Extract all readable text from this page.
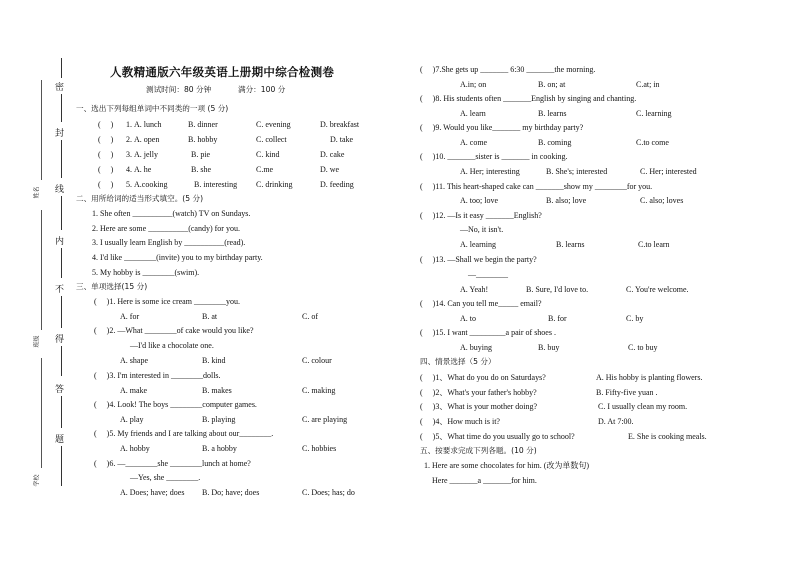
密
封
线
内
不
得
答
题
姓名
班级
学校
人教精通版六年级英语上册期中综合检测卷
测试时间：80 分钟	满分：100 分
一、选出下列每组单词中不同类的一项 (5 分)
(　 ) 1. A. lunch	B. dinner	C. evening	D. breakfast
(　 ) 2. A. open	B. hobby	C. collect	D. take
(　 ) 3. A. jelly	B. pie	C. kind	D. cake
(　 ) 4. A. he	B. she	C.me	D. we
(　 ) 5. A.cooking	B. interesting C. drinking	D. feeding
二、用所给词的适当形式填空。(5 分)
1. She often __________(watch) TV on Sundays.
2. Here are some __________(candy) for you.
3. I usually learn English by __________(read).
4. I'd like ________(invite) you to my birthday party.
5. My hobby is ________(swim).
三、单项选择(15 分)
(　 )1. Here is some ice cream ________you.
A. for	B. at	C. of
(　 )2. —What ________of cake would you like?
—I'd like a chocolate one.
A. shape	B. kind	C. colour
(　 )3. I'm interested in ________dolls.
A. make	B. makes	C. making
(　 )4. Look! The boys ________computer games.
A. play	B. playing	C. are playing
(　 )5. My friends and I are talking about our________.
A. hobby	B. a hobby	C. hobbies
(　 )6. —________she ________lunch at home?
—Yes, she ________.
A. Does; have; does B. Do; have; does	C. Does; has; do
(　 )7.She gets up _______ 6:30 _______the morning.
A.in; on	B. on; at	C.at; in
(　 )8. His students often _______English by singing and chanting.
A. learn	B. learns	C. learning
(　 )9. Would you like_______ my birthday party?
A. come	B. coming	C.to come
(　 )10. _______sister is _______ in cooking.
A. Her; interesting	B. She's; interested	C. Her; interested
(　 )11. This heart-shaped cake can _______show my ________for you.
A. too; love	B. also; love	C. also; loves
(　 )12. —Is it easy _______English?
—No, it isn't.
A. learning	B. learns	C.to learn
(　 )13. —Shall we begin the party?
—________
A. Yeah!	B. Sure, I'd love to.	C. You're welcome.
(　 )14. Can you tell me_____ email?
A. to	B. for	C. by
(　 )15. I want _________a pair of shoes .
A. buying	B. buy	C. to buy
四、情景选择（5 分）
(　 )1、What do you do on Saturdays?	A. His hobby is planting flowers.
(　 )2、What's your father's hobby?	B. Fifty-five yuan .
(　 )3、What is your mother doing?	C. I usually clean my room.
(　 )4、How much is it?	D. At 7:00.
(　 )5、What time do you usually go to school?	E. She is cooking meals.
五、按要求完成下列各题。(10 分)
1. Here are some chocolates for him. (改为单数句)
Here _______a _______for him.
